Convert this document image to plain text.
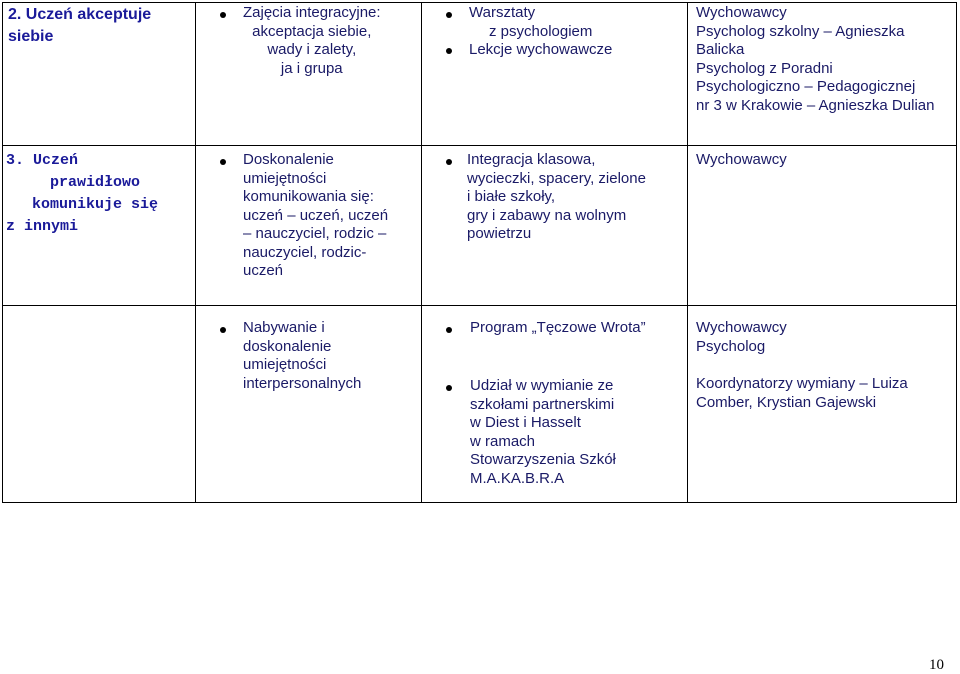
2. Uczeń akceptuje
siebie
Zajęcia integracyjne:
akceptacja siebie,
wady i zalety,
ja i grupa
Warsztaty
z psychologiem
Lekcje wychowawcze
Wychowawcy
Psycholog szkolny – Agnieszka
Balicka
Psycholog z Poradni
Psychologiczno – Pedagogicznej
nr 3 w Krakowie – Agnieszka Dulian
3. Uczeń
prawidłowo
komunikuje się
z innymi
Doskonalenie
umiejętności
komunikowania się:
uczeń – uczeń, uczeń
– nauczyciel, rodzic –
nauczyciel, rodzic-
uczeń
Integracja klasowa,
wycieczki, spacery, zielone
i białe szkoły,
gry i zabawy na wolnym
powietrzu
Wychowawcy
Nabywanie i
doskonalenie
umiejętności
interpersonalnych
Program „Tęczowe Wrota”
Udział w wymianie ze
szkołami partnerskimi
w Diest i Hasselt
w ramach
Stowarzyszenia Szkół
M.A.KA.B.R.A
Wychowawcy
Psycholog
Koordynatorzy wymiany – Luiza
Comber, Krystian Gajewski
10
